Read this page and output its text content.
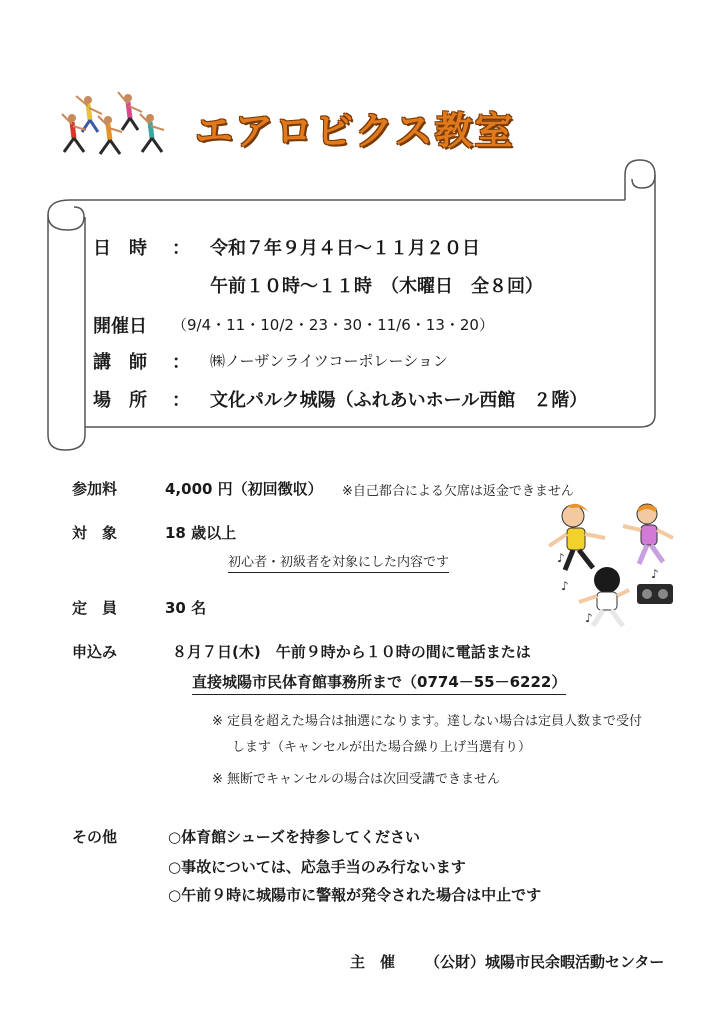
エアロビクス教室
日　時 ： 令和７年９月４日～１１月２０日
午前１０時～１１時　（木曜日　全８回）
開催日 （9/4・11・10/2・23・30・11/6・13・20）
講　師 ： ㈱ノーザンライツコーポレーション
場　所 ： 文化パルク城陽（ふれあいホール西館　２階）
参加料	4,000 円（初回徴収） ※自己都合による欠席は返金できません
対　象	18 歳以上
初心者・初級者を対象にした内容です	♪
♪
♪
♪
定　員	30 名
申込み	８月７日(木)　午前９時から１０時の間に電話または
直接城陽市民体育館事務所まで（0774－55－6222）
※ 定員を超えた場合は抽選になります。達しない場合は定員人数まで受付
します（キャンセルが出た場合繰り上げ当選有り）
※ 無断でキャンセルの場合は次回受講できません
その他	○体育館シューズを持参してください
○事故については、応急手当のみ行ないます
○午前９時に城陽市に警報が発令された場合は中止です
主　催 （公財）城陽市民余暇活動センター
